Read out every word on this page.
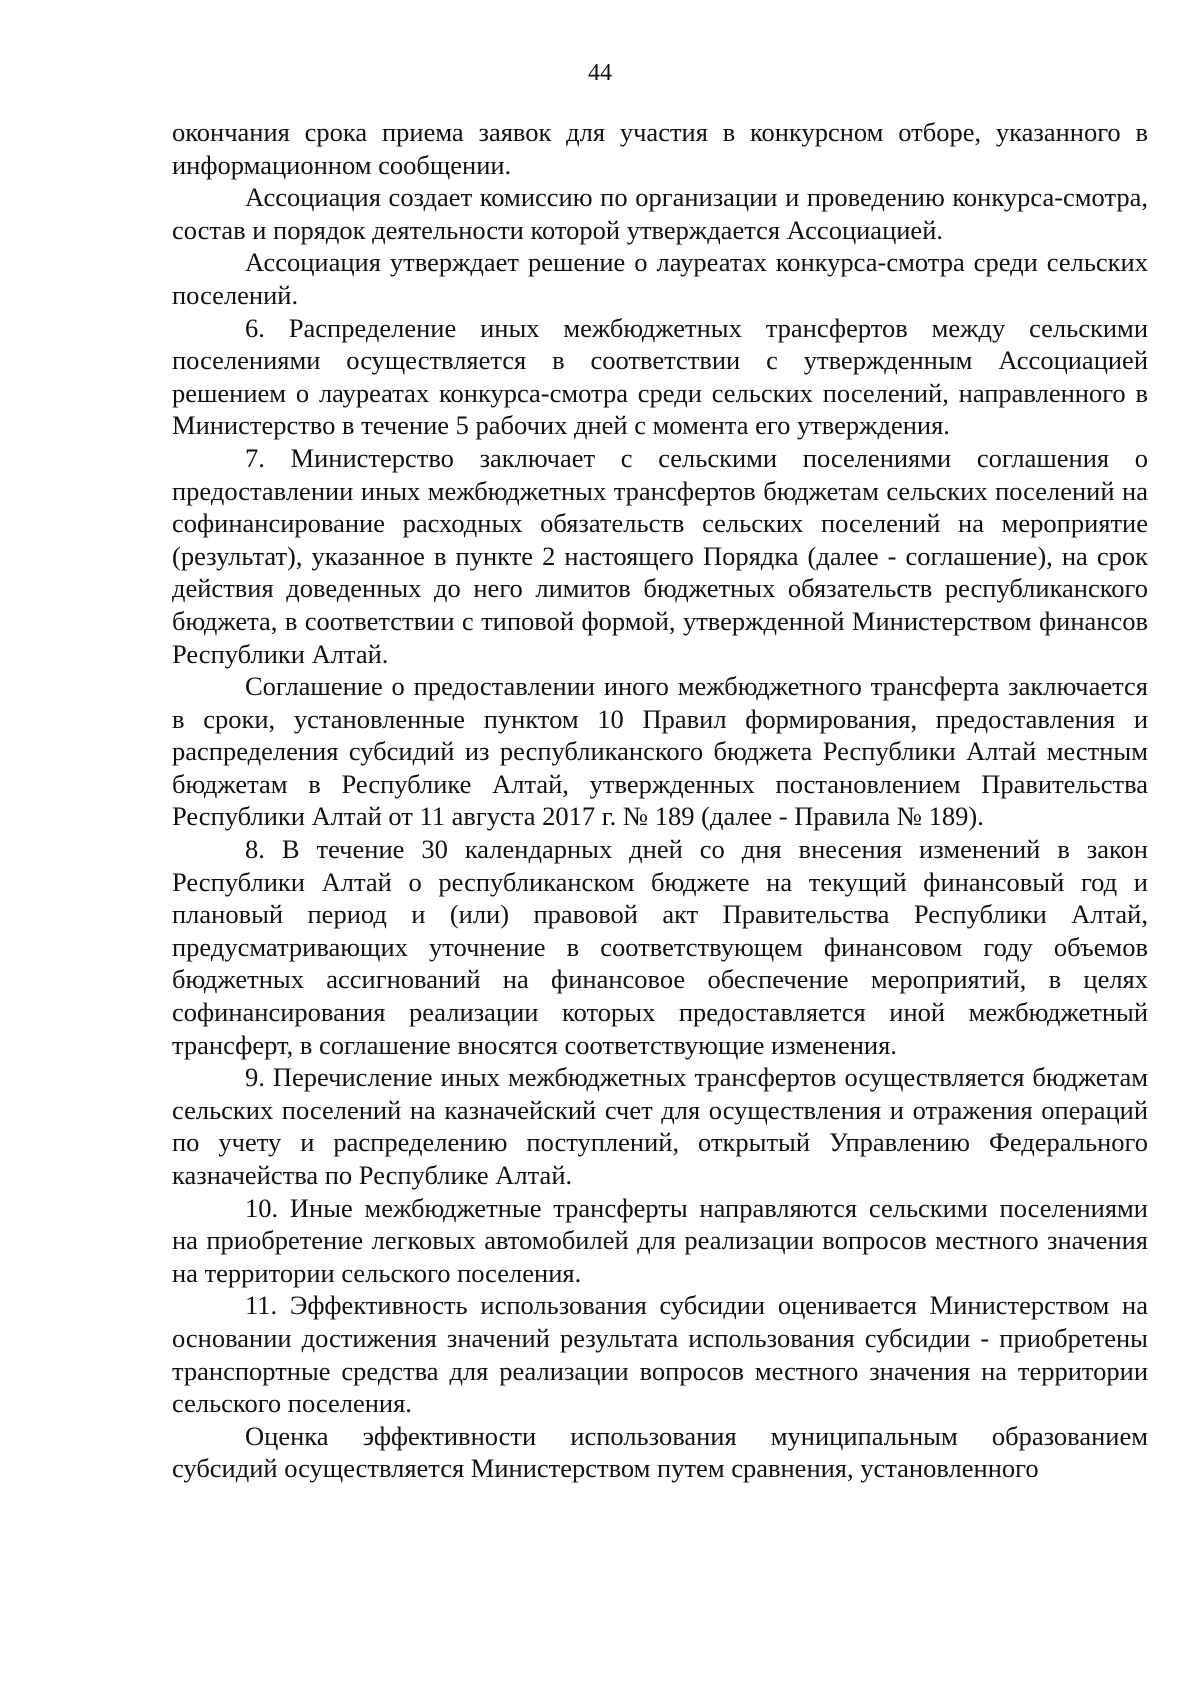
44

окончания срока приема заявок для участия в конкурсном отборе, указанного в информационном сообщении.

Ассоциация создает комиссию по организации и проведению конкурса-смотра, состав и порядок деятельности которой утверждается Ассоциацией.

Ассоциация утверждает решение о лауреатах конкурса-смотра среди сельских поселений.

6. Распределение иных межбюджетных трансфертов между сельскими поселениями осуществляется в соответствии с утвержденным Ассоциацией решением о лауреатах конкурса-смотра среди сельских поселений, направленного в Министерство в течение 5 рабочих дней с момента его утверждения.

7. Министерство заключает с сельскими поселениями соглашения о предоставлении иных межбюджетных трансфертов бюджетам сельских поселений на софинансирование расходных обязательств сельских поселений на мероприятие (результат), указанное в пункте 2 настоящего Порядка (далее - соглашение), на срок действия доведенных до него лимитов бюджетных обязательств республиканского бюджета, в соответствии с типовой формой, утвержденной Министерством финансов Республики Алтай.

Соглашение о предоставлении иного межбюджетного трансферта заключается в сроки, установленные пунктом 10 Правил формирования, предоставления и распределения субсидий из республиканского бюджета Республики Алтай местным бюджетам в Республике Алтай, утвержденных постановлением Правительства Республики Алтай от 11 августа 2017 г. № 189 (далее - Правила № 189).

8. В течение 30 календарных дней со дня внесения изменений в закон Республики Алтай о республиканском бюджете на текущий финансовый год и плановый период и (или) правовой акт Правительства Республики Алтай, предусматривающих уточнение в соответствующем финансовом году объемов бюджетных ассигнований на финансовое обеспечение мероприятий, в целях софинансирования реализации которых предоставляется иной межбюджетный трансферт, в соглашение вносятся соответствующие изменения.

9. Перечисление иных межбюджетных трансфертов осуществляется бюджетам сельских поселений на казначейский счет для осуществления и отражения операций по учету и распределению поступлений, открытый Управлению Федерального казначейства по Республике Алтай.

10. Иные межбюджетные трансферты направляются сельскими поселениями на приобретение легковых автомобилей для реализации вопросов местного значения на территории сельского поселения.

11. Эффективность использования субсидии оценивается Министерством на основании достижения значений результата использования субсидии - приобретены транспортные средства для реализации вопросов местного значения на территории сельского поселения.

Оценка эффективности использования муниципальным образованием субсидий осуществляется Министерством путем сравнения, установленного
